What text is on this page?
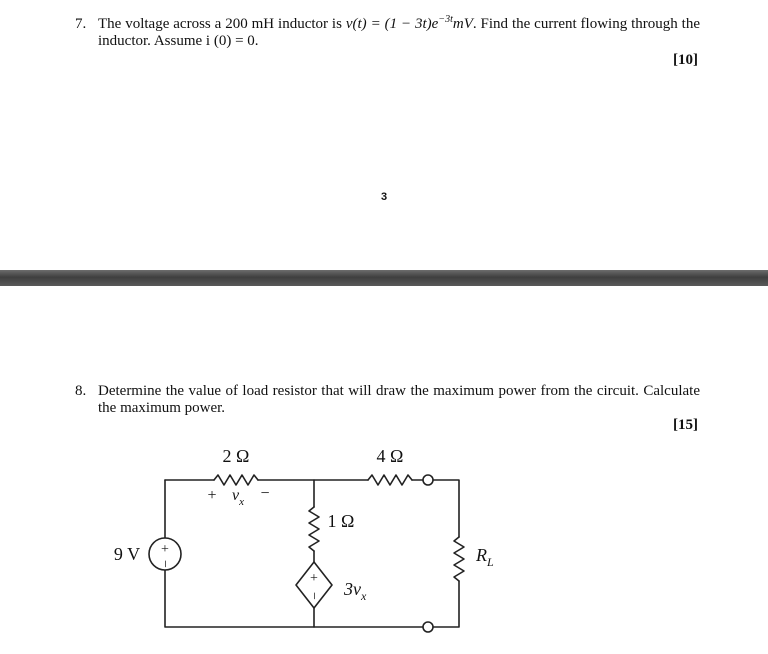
7. The voltage across a 200 mH inductor is $v(t) = (1 - 3t)e^{-3t}mV$. Find the current flowing through the inductor. Assume i (0) = 0.
[10]
3
8. Determine the value of load resistor that will draw the maximum power from the circuit. Calculate the maximum power.
[15]
2 Ω	4 Ω
1 Ω
9 V +
−
+ $v_x$ −
+
− $3v_x$
$R_L$
